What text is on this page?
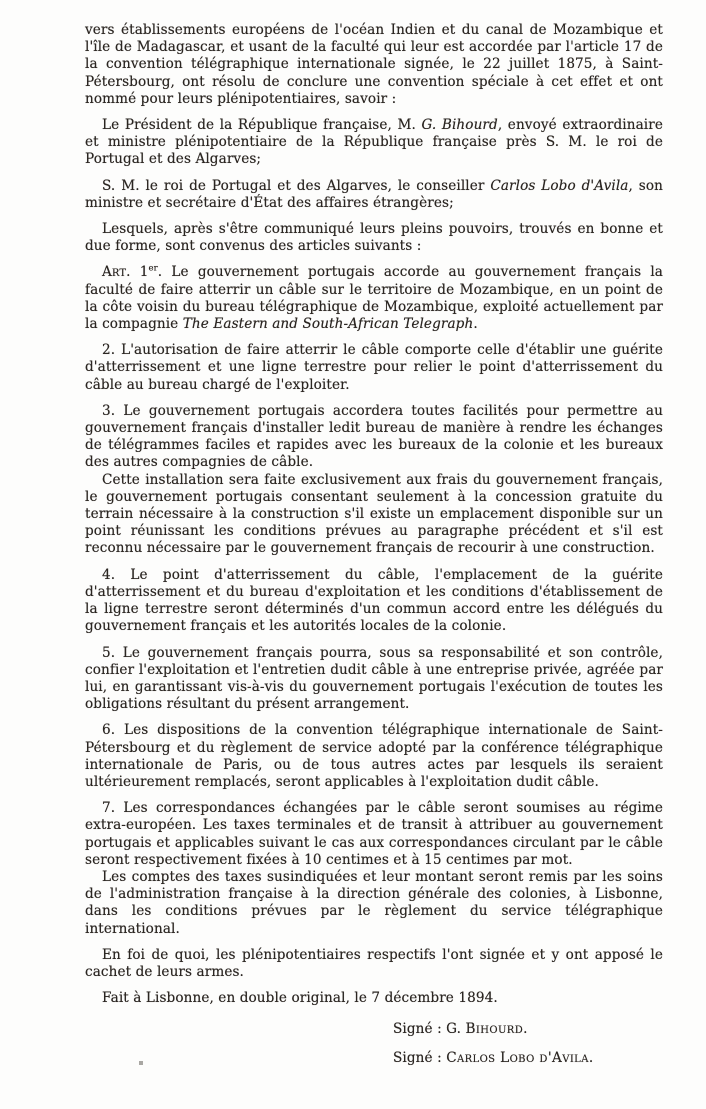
vers établissements européens de l'océan Indien et du canal de Mozambique et l'île de Madagascar, et usant de la faculté qui leur est accordée par l'article 17 de la convention télégraphique internationale signée, le 22 juillet 1875, à Saint-Pétersbourg, ont résolu de conclure une convention spéciale à cet effet et ont nommé pour leurs plénipotentiaires, savoir :

Le Président de la République française, M. G. Bihourd, envoyé extraordinaire et ministre plénipotentiaire de la République française près S. M. le roi de Portugal et des Algarves;

S. M. le roi de Portugal et des Algarves, le conseiller Carlos Lobo d'Avila, son ministre et secrétaire d'État des affaires étrangères;

Lesquels, après s'être communiqué leurs pleins pouvoirs, trouvés en bonne et due forme, sont convenus des articles suivants :

Art. 1er. Le gouvernement portugais accorde au gouvernement français la faculté de faire atterrir un câble sur le territoire de Mozambique, en un point de la côte voisin du bureau télégraphique de Mozambique, exploité actuellement par la compagnie The Eastern and South-African Telegraph.

2. L'autorisation de faire atterrir le câble comporte celle d'établir une guérite d'atterrissement et une ligne terrestre pour relier le point d'atterrissement du câble au bureau chargé de l'exploiter.

3. Le gouvernement portugais accordera toutes facilités pour permettre au gouvernement français d'installer ledit bureau de manière à rendre les échanges de télégrammes faciles et rapides avec les bureaux de la colonie et les bureaux des autres compagnies de câble.

Cette installation sera faite exclusivement aux frais du gouvernement français, le gouvernement portugais consentant seulement à la concession gratuite du terrain nécessaire à la construction s'il existe un emplacement disponible sur un point réunissant les conditions prévues au paragraphe précédent et s'il est reconnu nécessaire par le gouvernement français de recourir à une construction.

4. Le point d'atterrissement du câble, l'emplacement de la guérite d'atterrissement et du bureau d'exploitation et les conditions d'établissement de la ligne terrestre seront déterminés d'un commun accord entre les délégués du gouvernement français et les autorités locales de la colonie.

5. Le gouvernement français pourra, sous sa responsabilité et son contrôle, confier l'exploitation et l'entretien dudit câble à une entreprise privée, agréée par lui, en garantissant vis-à-vis du gouvernement portugais l'exécution de toutes les obligations résultant du présent arrangement.

6. Les dispositions de la convention télégraphique internationale de Saint-Pétersbourg et du règlement de service adopté par la conférence télégraphique internationale de Paris, ou de tous autres actes par lesquels ils seraient ultérieurement remplacés, seront applicables à l'exploitation dudit câble.

7. Les correspondances échangées par le câble seront soumises au régime extra-européen. Les taxes terminales et de transit à attribuer au gouvernement portugais et applicables suivant le cas aux correspondances circulant par le câble seront respectivement fixées à 10 centimes et à 15 centimes par mot.

Les comptes des taxes susindiquées et leur montant seront remis par les soins de l'administration française à la direction générale des colonies, à Lisbonne, dans les conditions prévues par le règlement du service télégraphique international.

En foi de quoi, les plénipotentiaires respectifs l'ont signée et y ont apposé le cachet de leurs armes.

Fait à Lisbonne, en double original, le 7 décembre 1894.

Signé : G. Bihourd.

Signé : Carlos Lobo d'Avila.
